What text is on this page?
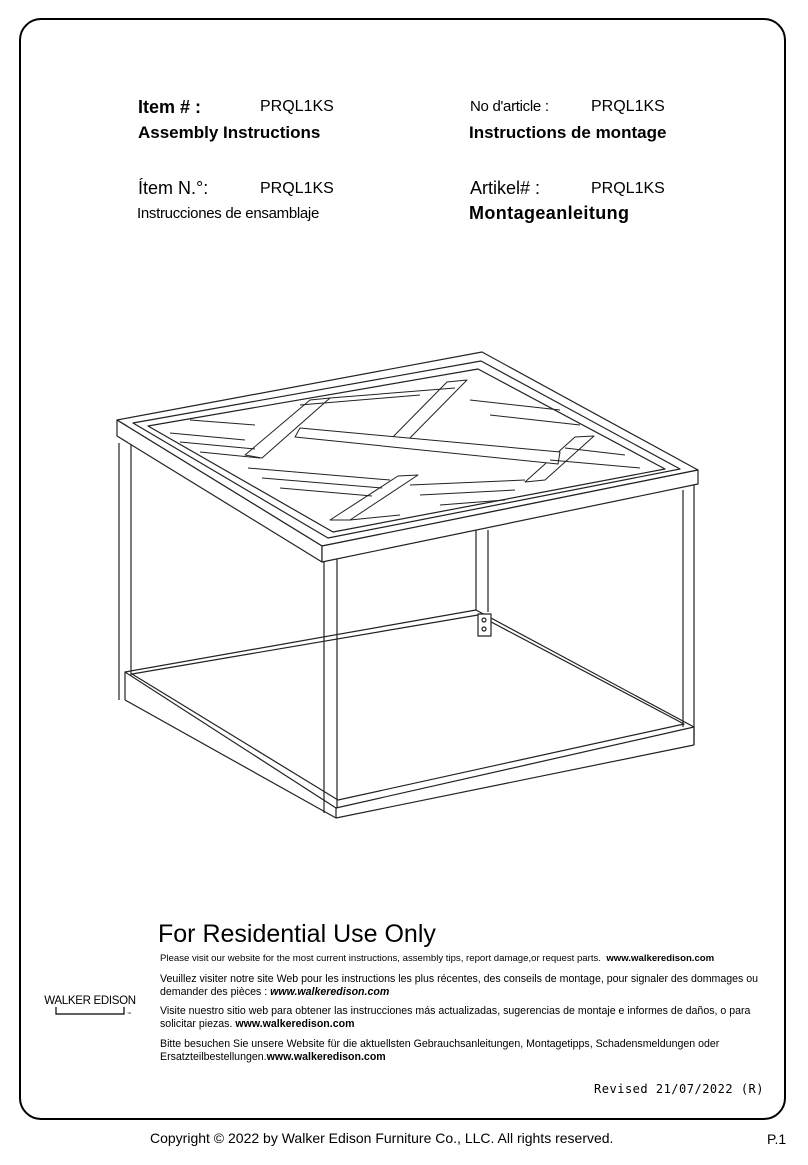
Item # :	PRQL1KS
Assembly Instructions
No d'article :	PRQL1KS
Instructions de montage
Ítem N.°:	PRQL1KS
Instrucciones de ensamblaje
Artikel# :	PRQL1KS
Montageanleitung
For Residential Use Only
Please visit our website for the most current instructions, assembly tips, report damage,or request parts. www.walkeredison.com
Veuillez visiter notre site Web pour les instructions les plus récentes, des conseils de montage, pour signaler des dommages ou demander des pièces : www.walkeredison.com
Visite nuestro sitio web para obtener las instrucciones más actualizadas, sugerencias de montaje e informes de daños, o para solicitar piezas. www.walkeredison.com
Bitte besuchen Sie unsere Website für die aktuellsten Gebrauchsanleitungen, Montagetipps, Schadensmeldungen oder Ersatzteilbestellungen.www.walkeredison.com
WALKER EDISON
™
Revised 21/07/2022 (R)
Copyright © 2022 by Walker Edison Furniture Co., LLC. All rights reserved.	P.1
